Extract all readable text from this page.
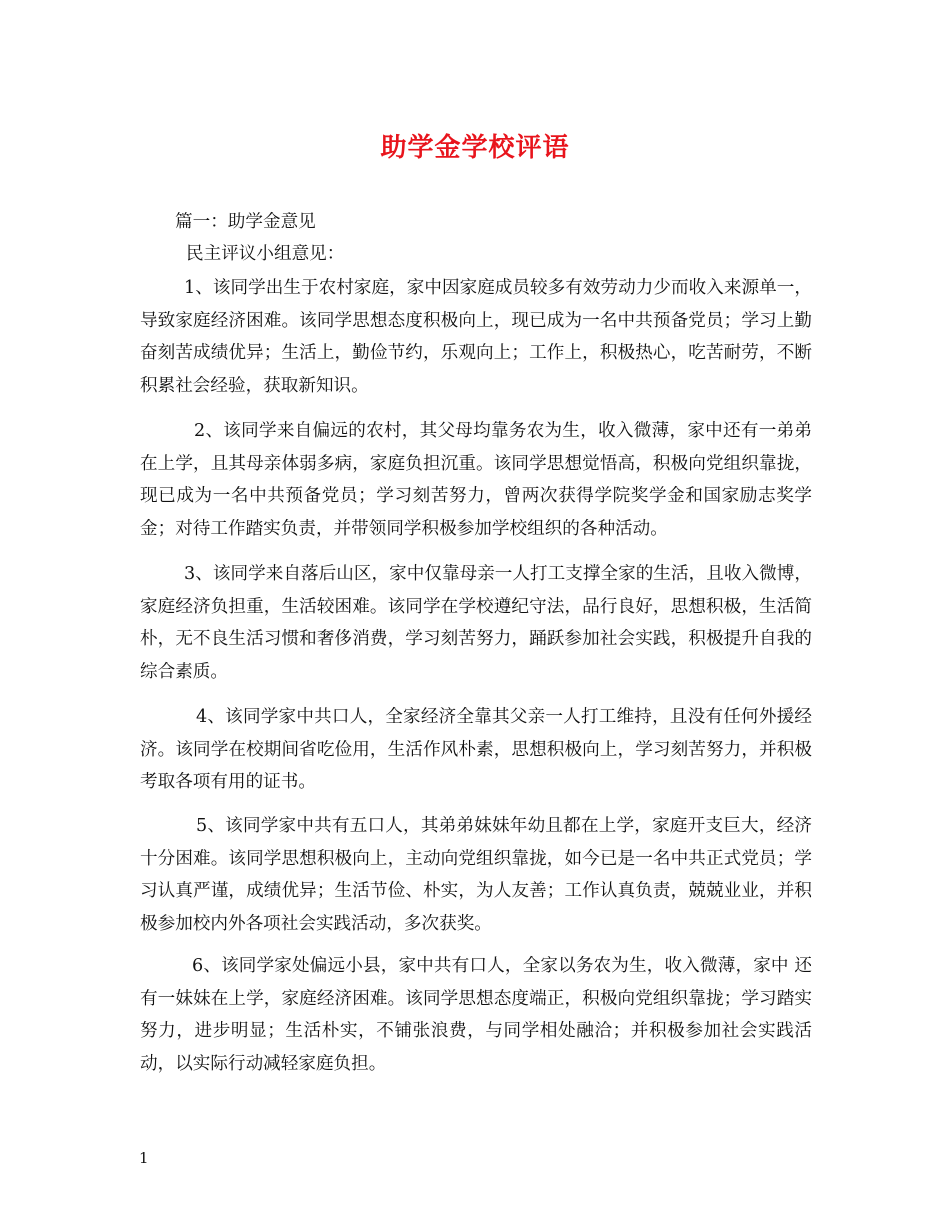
助学金学校评语
篇一：助学金意见
民主评议小组意见：
1、该同学出生于农村家庭，家中因家庭成员较多有效劳动力少而收入来源单一，导致家庭经济困难。该同学思想态度积极向上，现已成为一名中共预备党员；学习上勤奋刻苦成绩优异；生活上，勤俭节约，乐观向上；工作上，积极热心，吃苦耐劳，不断积累社会经验，获取新知识。
2、该同学来自偏远的农村，其父母均靠务农为生，收入微薄，家中还有一弟弟 在上学，且其母亲体弱多病，家庭负担沉重。该同学思想觉悟高，积极向党组织靠拢，现已成为一名中共预备党员；学习刻苦努力，曾两次获得学院奖学金和国家励志奖学金；对待工作踏实负责，并带领同学积极参加学校组织的各种活动。
3、该同学来自落后山区，家中仅靠母亲一人打工支撑全家的生活，且收入微博，家庭经济负担重，生活较困难。该同学在学校遵纪守法，品行良好，思想积极，生活简朴，无不良生活习惯和奢侈消费，学习刻苦努力，踊跃参加社会实践，积极提升自我的综合素质。
4、该同学家中共口人，全家经济全靠其父亲一人打工维持，且没有任何外援经济。该同学在校期间省吃俭用，生活作风朴素，思想积极向上，学习刻苦努力，并积极考取各项有用的证书。
5、该同学家中共有五口人，其弟弟妹妹年幼且都在上学，家庭开支巨大，经济 十分困难。该同学思想积极向上，主动向党组织靠拢，如今已是一名中共正式党员；学习认真严谨，成绩优异；生活节俭、朴实，为人友善；工作认真负责，兢兢业业，并积极参加校内外各项社会实践活动，多次获奖。
6、该同学家处偏远小县，家中共有口人，全家以务农为生，收入微薄，家中 还有一妹妹在上学，家庭经济困难。该同学思想态度端正，积极向党组织靠拢；学习踏实努力，进步明显；生活朴实，不铺张浪费，与同学相处融洽；并积极参加社会实践活动，以实际行动减轻家庭负担。
1
